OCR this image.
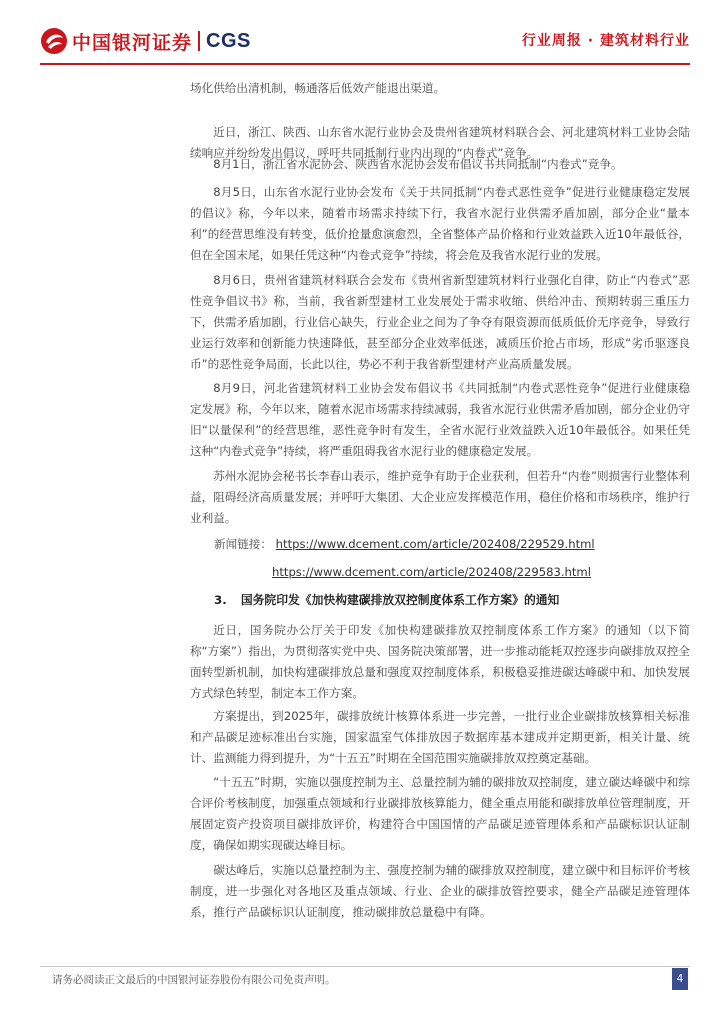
中国银河证券 CGS	行业周报 · 建筑材料行业

场化供给出清机制，畅通落后低效产能退出渠道。

近日，浙江、陕西、山东省水泥行业协会及贵州省建筑材料联合会、河北建筑材料工业协会陆续响应并纷纷发出倡议，呼吁共同抵制行业内出现的“内卷式”竞争。

8月1日，浙江省水泥协会、陕西省水泥协会发布倡议书共同抵制“内卷式”竞争。

8月5日，山东省水泥行业协会发布《关于共同抵制“内卷式恶性竞争”促进行业健康稳定发展的倡议》称，今年以来，随着市场需求持续下行，我省水泥行业供需矛盾加剧，部分企业“量本利”的经营思维没有转变，低价抢量愈演愈烈，全省整体产品价格和行业效益跌入近10年最低谷，但在全国末尾，如果任凭这种“内卷式竞争”持续，将会危及我省水泥行业的发展。

8月6日，贵州省建筑材料联合会发布《贵州省新型建筑材料行业强化自律，防止“内卷式”恶性竞争倡议书》称，当前，我省新型建材工业发展处于需求收缩、供给冲击、预期转弱三重压力下，供需矛盾加剧，行业信心缺失，行业企业之间为了争夺有限资源而低质低价无序竞争，导致行业运行效率和创新能力快速降低，甚至部分企业效率低迷，减质压价抢占市场，形成“劣币驱逐良币”的恶性竞争局面，长此以往，势必不利于我省新型建材产业高质量发展。

8月9日，河北省建筑材料工业协会发布倡议书《共同抵制“内卷式恶性竞争”促进行业健康稳定发展》称，今年以来，随着水泥市场需求持续减弱，我省水泥行业供需矛盾加剧，部分企业仍守旧“以量保利”的经营思维，恶性竞争时有发生，全省水泥行业效益跌入近10年最低谷。如果任凭这种“内卷式竞争”持续，将严重阻碍我省水泥行业的健康稳定发展。

苏州水泥协会秘书长李春山表示，维护竞争有助于企业获利，但若升“内卷”则损害行业整体利益，阻碍经济高质量发展；并呼吁大集团、大企业应发挥模范作用，稳住价格和市场秩序，维护行业利益。

新闻链接： https://www.dcement.com/article/202408/229529.html
https://www.dcement.com/article/202408/229583.html
3. 国务院印发《加快构建碳排放双控制度体系工作方案》的通知

近日，国务院办公厅关于印发《加快构建碳排放双控制度体系工作方案》的通知（以下简称“方案”）指出，为贯彻落实党中央、国务院决策部署，进一步推动能耗双控逐步向碳排放双控全面转型新机制，加快构建碳排放总量和强度双控制度体系，积极稳妥推进碳达峰碳中和、加快发展方式绿色转型，制定本工作方案。

方案提出，到2025年，碳排放统计核算体系进一步完善，一批行业企业碳排放核算相关标准和产品碳足迹标准出台实施，国家温室气体排放因子数据库基本建成并定期更新，相关计量、统计、监测能力得到提升，为“十五五”时期在全国范围实施碳排放双控奠定基础。

“十五五”时期，实施以强度控制为主、总量控制为辅的碳排放双控制度，建立碳达峰碳中和综合评价考核制度，加强重点领域和行业碳排放核算能力，健全重点用能和碳排放单位管理制度，开展固定资产投资项目碳排放评价，构建符合中国国情的产品碳足迹管理体系和产品碳标识认证制度，确保如期实现碳达峰目标。

碳达峰后，实施以总量控制为主、强度控制为辅的碳排放双控制度，建立碳中和目标评价考核制度，进一步强化对各地区及重点领域、行业、企业的碳排放管控要求，健全产品碳足迹管理体系，推行产品碳标识认证制度，推动碳排放总量稳中有降。

请务必阅读正文最后的中国银河证券股份有限公司免责声明。	4
